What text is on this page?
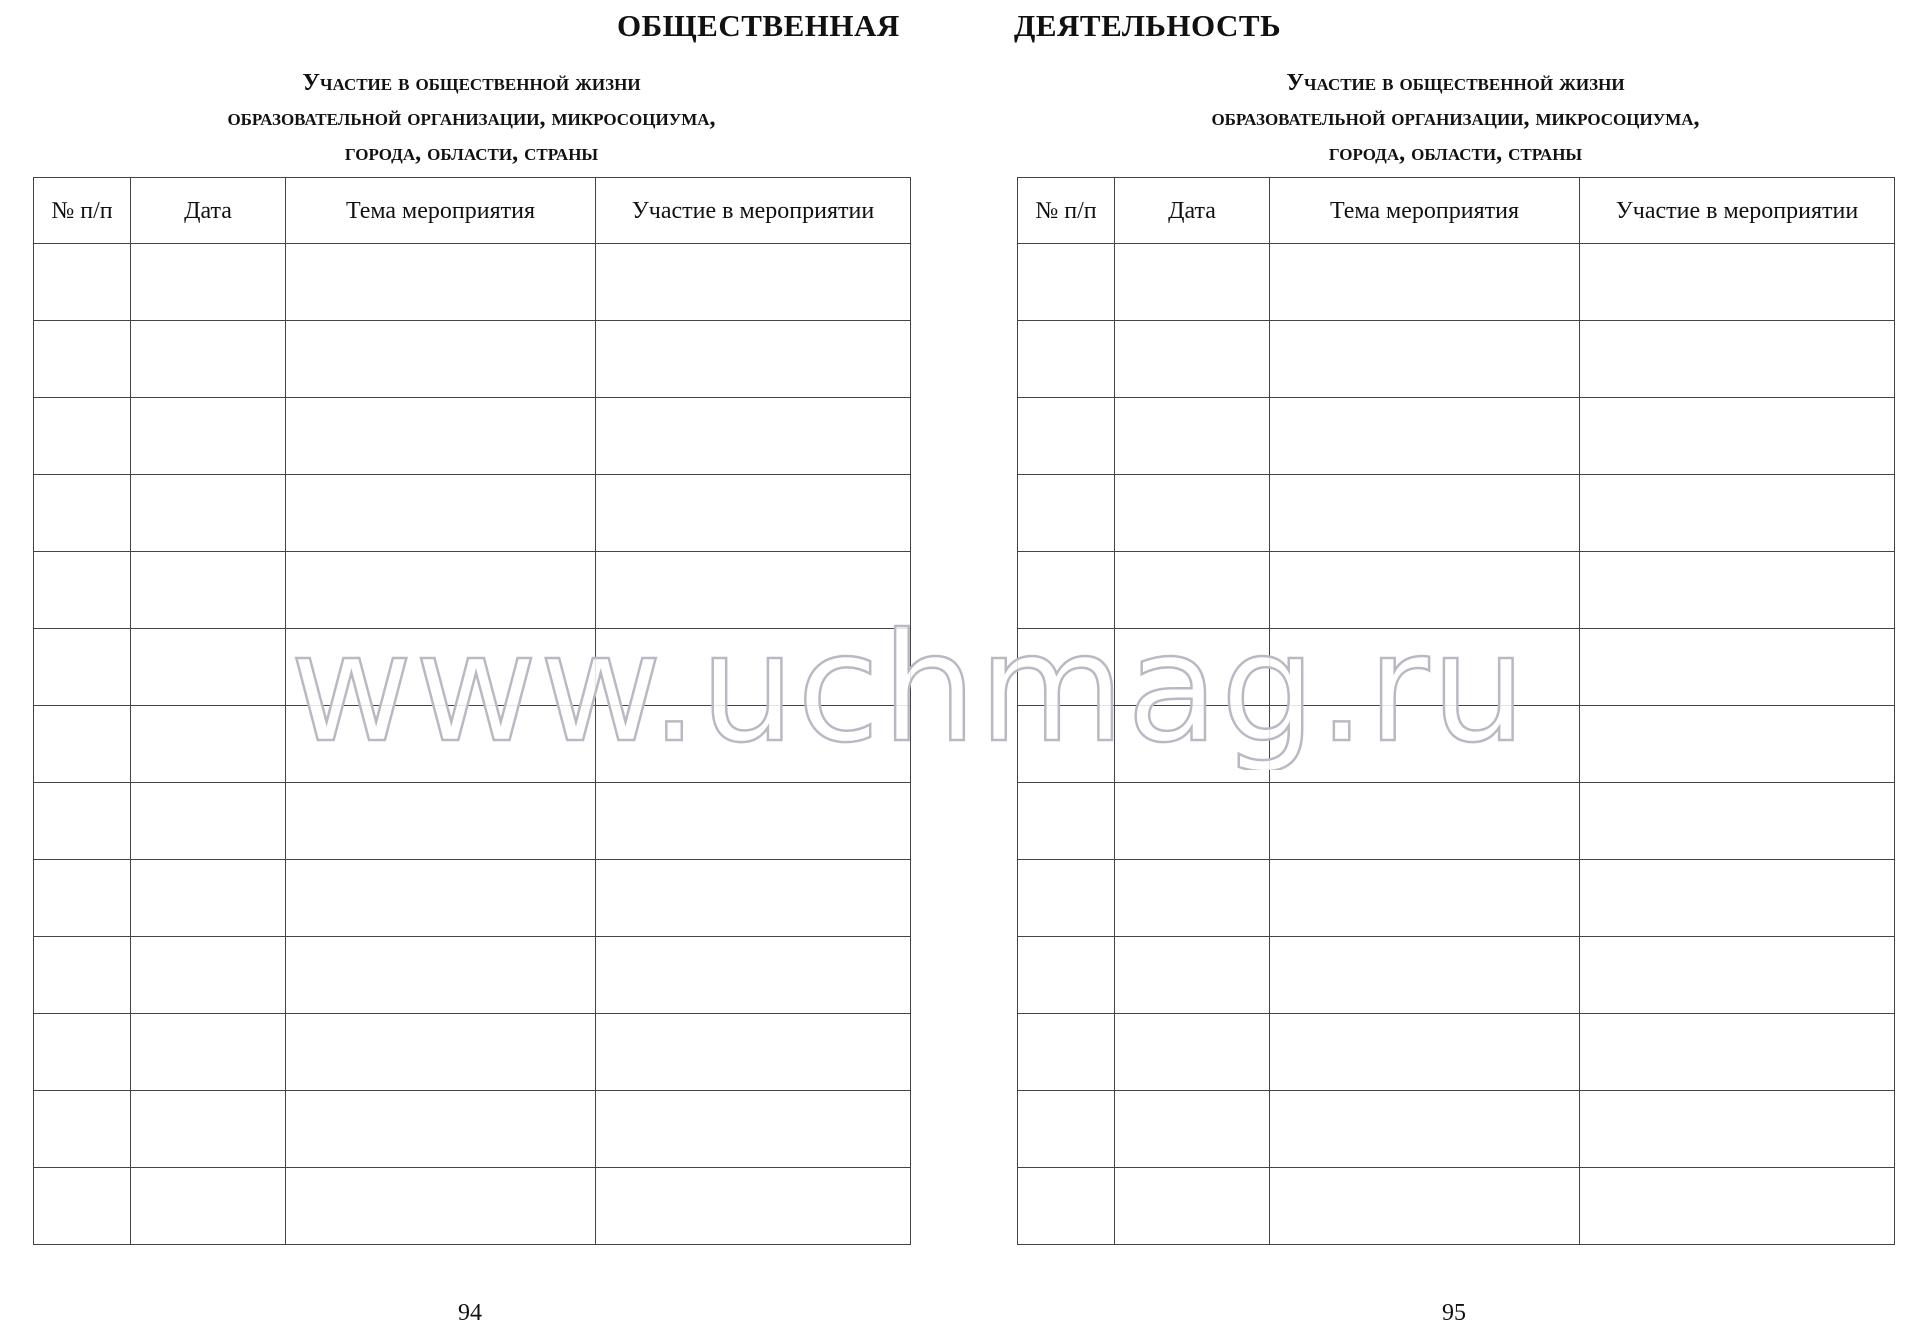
ОБЩЕСТВЕННАЯ	ДЕЯТЕЛЬНОСТЬ
Участие в общественной жизни
образовательной организации, микросоциума,
города, области, страны
№ п/п	Дата	Тема мероприятия	Участие в мероприятии

94
Участие в общественной жизни
образовательной организации, микросоциума,
города, области, страны
№ п/п	Дата	Тема мероприятия	Участие в мероприятии

95
www.uchmag.ru
